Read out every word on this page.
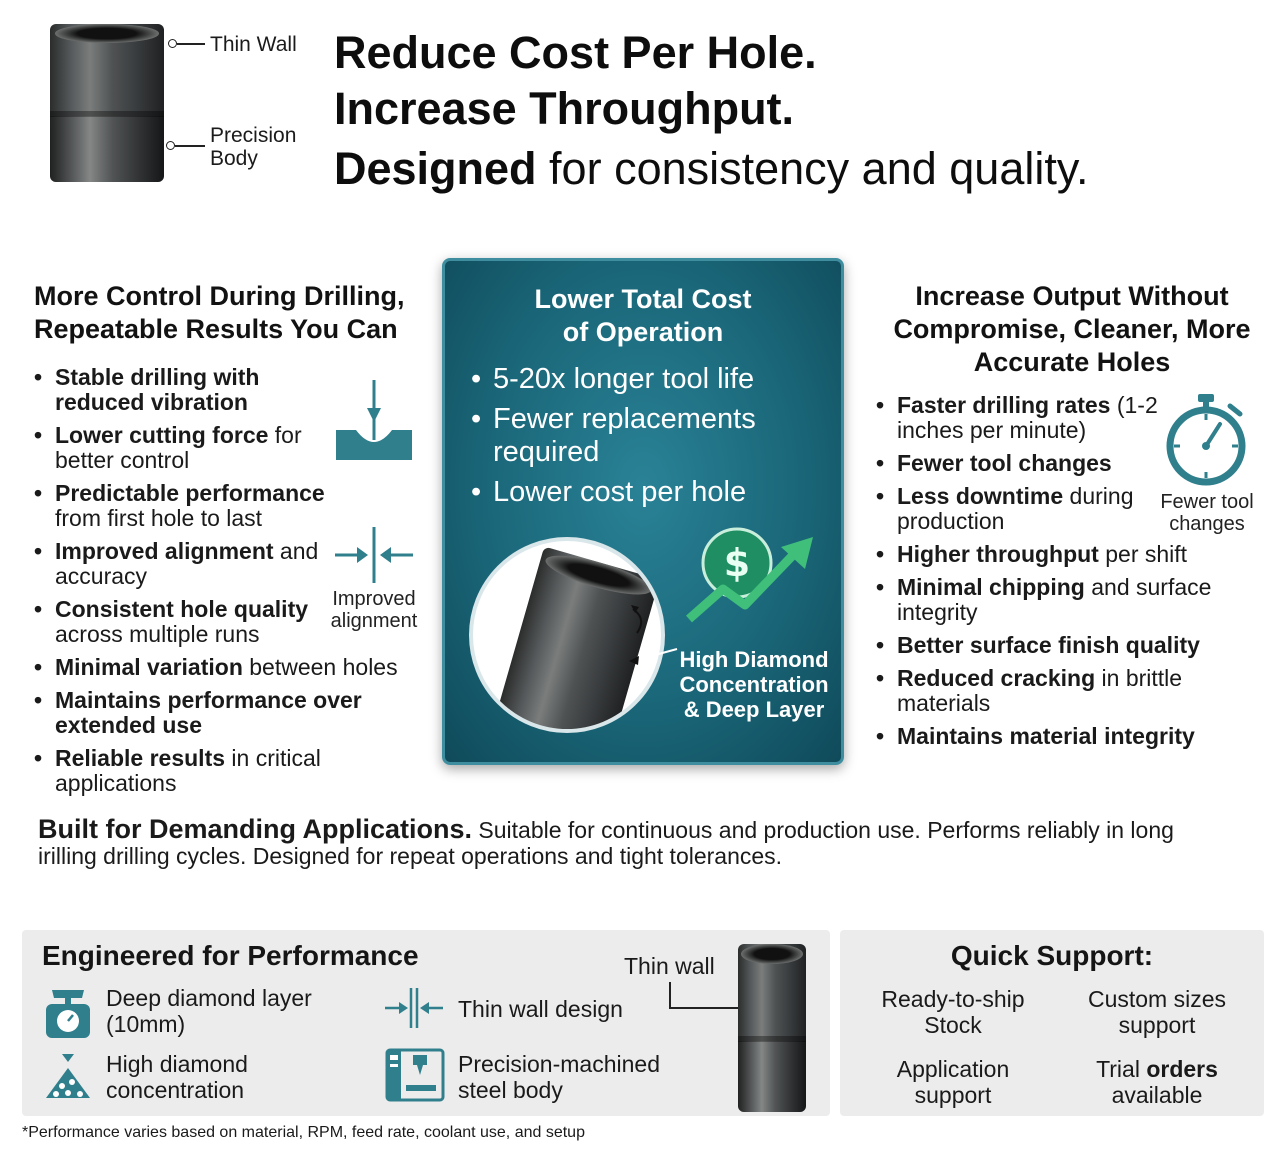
Thin Wall
Precision
Body
Reduce Cost Per Hole.
Increase Throughput.
Designed for consistency and quality.
More Control During Drilling, Repeatable Results You Can
• Stable drilling with reduced vibration
• Lower cutting force for better control
• Predictable performance from first hole to last
• Improved alignment and accuracy
• Consistent hole quality across multiple runs
• Minimal variation between holes
• Maintains performance over extended use
• Reliable results in critical applications
Improved
alignment
Lower Total Cost of Operation
• 5-20x longer tool life
• Fewer replacements required
• Lower cost per hole
$
High Diamond Concentration & Deep Layer
Increase Output Without Compromise, Cleaner, More Accurate Holes
• Faster drilling rates (1-2 inches per minute)
• Fewer tool changes
• Less downtime during production
• Higher throughput per shift
• Minimal chipping and surface integrity
• Better surface finish quality
• Reduced cracking in brittle materials
• Maintains material integrity
Fewer tool
changes
Built for Demanding Applications. Suitable for continuous and production use. Performs reliably in long irilling drilling cycles. Designed for repeat operations and tight tolerances.
Engineered for Performance
Deep diamond layer
(10mm)
High diamond
concentration
Thin wall design
Precision-machined
steel body
Thin wall	Quick Support:
Ready-to-ship
Stock
Custom sizes
support
Application
support
Trial orders
available
*Performance varies based on material, RPM, feed rate, coolant use, and setup
